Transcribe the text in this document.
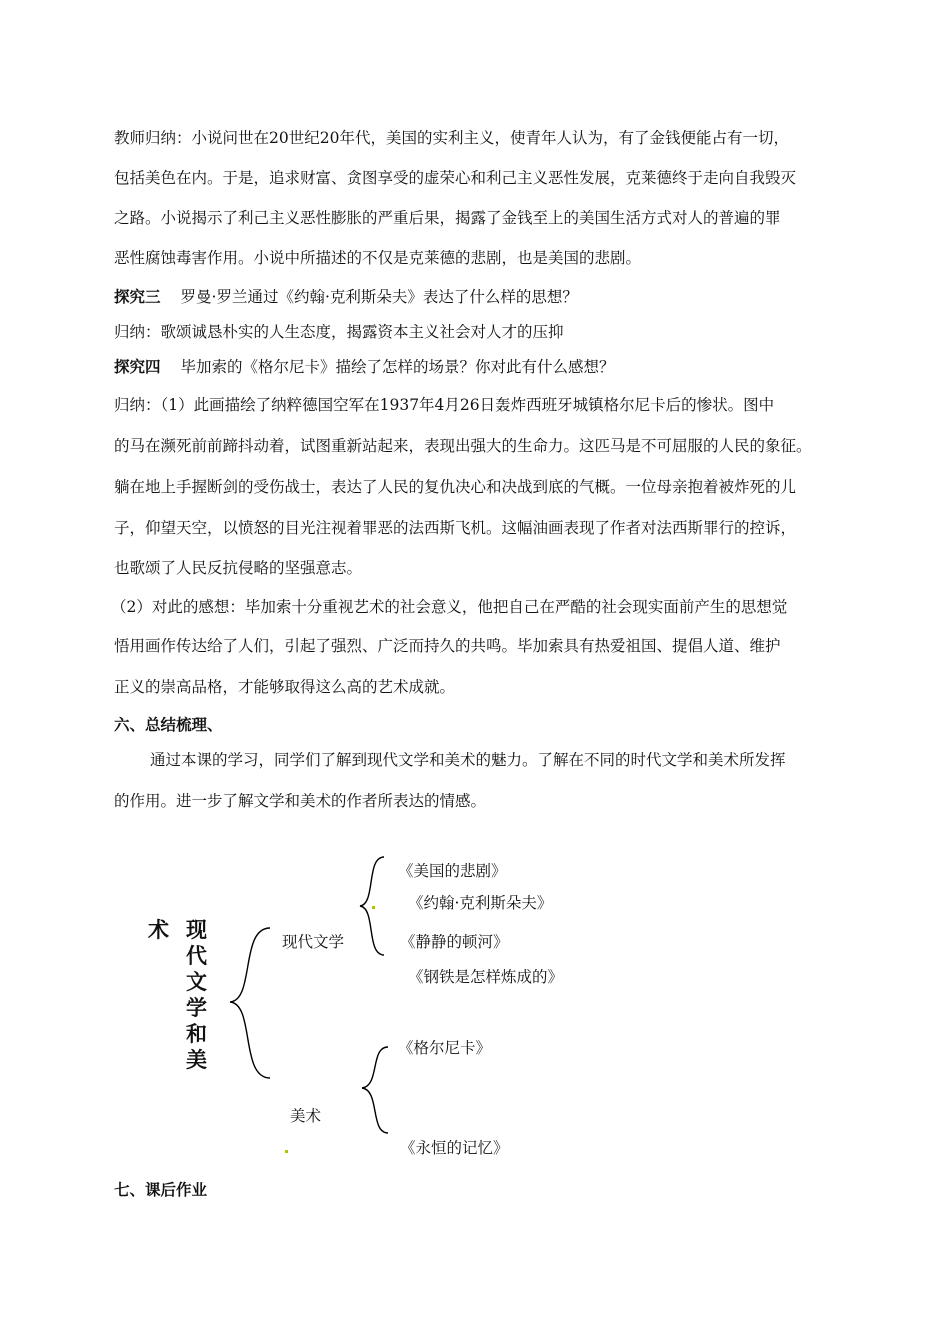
教师归纳：小说问世在20世纪20年代，美国的实利主义，使青年人认为，有了金钱便能占有一切，
包括美色在内。于是，追求财富、贪图享受的虚荣心和利己主义恶性发展，克莱德终于走向自我毁灭
之路。小说揭示了利己主义恶性膨胀的严重后果，揭露了金钱至上的美国生活方式对人的普遍的罪
恶性腐蚀毒害作用。小说中所描述的不仅是克莱德的悲剧，也是美国的悲剧。
探究三 罗曼·罗兰通过《约翰·克利斯朵夫》表达了什么样的思想？
归纳：歌颂诚恳朴实的人生态度，揭露资本主义社会对人才的压抑
探究四 毕加索的《格尔尼卡》描绘了怎样的场景？你对此有什么感想？
归纳：（1）此画描绘了纳粹德国空军在1937年4月26日轰炸西班牙城镇格尔尼卡后的惨状。图中
的马在濒死前前蹄抖动着，试图重新站起来，表现出强大的生命力。这匹马是不可屈服的人民的象征。
躺在地上手握断剑的受伤战士，表达了人民的复仇决心和决战到底的气概。一位母亲抱着被炸死的儿
子，仰望天空，以愤怒的目光注视着罪恶的法西斯飞机。这幅油画表现了作者对法西斯罪行的控诉，
也歌颂了人民反抗侵略的坚强意志。
（2）对此的感想：毕加索十分重视艺术的社会意义，他把自己在严酷的社会现实面前产生的思想觉
悟用画作传达给了人们，引起了强烈、广泛而持久的共鸣。毕加索具有热爱祖国、提倡人道、维护
正义的崇高品格，才能够取得这么高的艺术成就。
六、总结梳理、
通过本课的学习，同学们了解到现代文学和美术的魅力。了解在不同的时代文学和美术所发挥
的作用。进一步了解文学和美术的作者所表达的情感。
术 现
代
文
学
和
美
现代文学
《美国的悲剧》
《约翰·克利斯朵夫》
《静静的顿河》
《钢铁是怎样炼成的》
《格尔尼卡》
美术
《永恒的记忆》
七、课后作业
